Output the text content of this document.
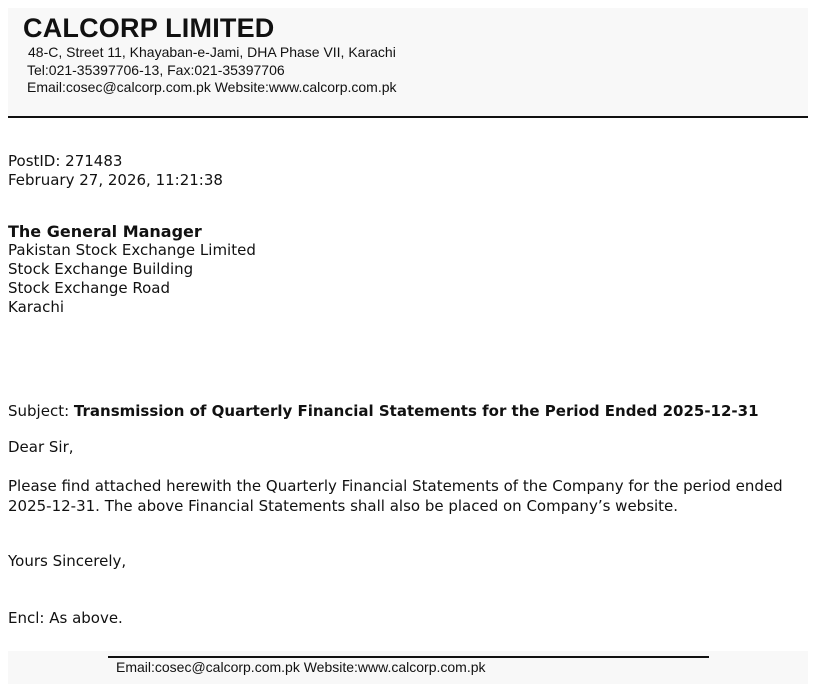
CALCORP LIMITED
48-C, Street 11, Khayaban-e-Jami, DHA Phase VII, Karachi
Tel:021-35397706-13, Fax:021-35397706
Email:cosec@calcorp.com.pk Website:www.calcorp.com.pk
PostID: 271483
February 27, 2026, 11:21:38
The General Manager
Pakistan Stock Exchange Limited
Stock Exchange Building
Stock Exchange Road
Karachi
Subject: Transmission of Quarterly Financial Statements for the Period Ended 2025-12-31
Dear Sir,
Please find attached herewith the Quarterly Financial Statements of the Company for the period ended 2025-12-31. The above Financial Statements shall also be placed on Company’s website.
Yours Sincerely,
Encl: As above.
Email:cosec@calcorp.com.pk Website:www.calcorp.com.pk
